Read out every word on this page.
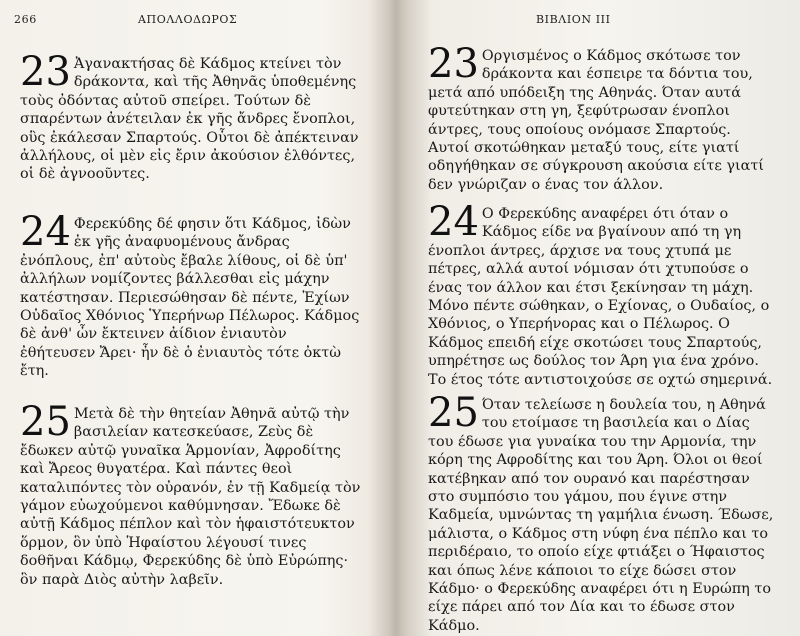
266	ΑΠΟΛΛΟΔΩΡΟΣ	ΒΙΒΛΙΟΝ ΙΙΙ
23 Ἀγανακτήσας δὲ Κάδμος κτείνει τὸν δράκοντα, καὶ τῆς Ἀθηνᾶς ὑποθεμένης τοὺς ὀδόντας αὐτοῦ σπείρει. Τούτων δὲ σπαρέντων ἀνέτειλαν ἐκ γῆς ἄνδρες ἔνοπλοι, οὓς ἐκάλεσαν Σπαρτούς. Οὗτοι δὲ ἀπέκτειναν ἀλλήλους, οἱ μὲν εἰς ἔριν ἀκούσιον ἐλθόντες, οἱ δὲ ἀγνοοῦντες.
24 Φερεκύδης δέ φησιν ὅτι Κάδμος, ἰδὼν ἐκ γῆς ἀναφυομένους ἄνδρας ἐνόπλους, ἐπ' αὐτοὺς ἔβαλε λίθους, οἱ δὲ ὑπ' ἀλλήλων νομίζοντες βάλλεσθαι εἰς μάχην κατέστησαν. Περιεσώθησαν δὲ πέντε, Ἐχίων Οὐδαῖος Χθόνιος Ὑπερήνωρ Πέλωρος. Κάδμος δὲ ἀνθ' ὧν ἔκτεινεν ἀίδιον ἐνιαυτὸν ἐθήτευσεν Ἄρει· ἦν δὲ ὁ ἐνιαυτὸς τότε ὀκτὼ ἔτη.
25 Μετὰ δὲ τὴν θητείαν Ἀθηνᾶ αὐτῷ τὴν βασιλείαν κατεσκεύασε, Ζεὺς δὲ ἔδωκεν αὐτῷ γυναῖκα Ἁρμονίαν, Ἀφροδίτης καὶ Ἄρεος θυγατέρα. Καὶ πάντες θεοὶ καταλιπόντες τὸν οὐρανόν, ἐν τῇ Καδμείᾳ τὸν γάμον εὐωχούμενοι καθύμνησαν. Ἔδωκε δὲ αὐτῇ Κάδμος πέπλον καὶ τὸν ἡφαιστότευκτον ὅρμον, ὃν ὑπὸ Ἡφαίστου λέγουσί τινες δοθῆναι Κάδμῳ, Φερεκύδης δὲ ὑπὸ Εὐρώπης· ὃν παρὰ Διὸς αὐτὴν λαβεῖν.
23 Οργισμένος ο Κάδμος σκότωσε τον δράκοντα και έσπειρε τα δόντια του, μετά από υπόδειξη της Αθηνάς. Όταν αυτά φυτεύτηκαν στη γη, ξεφύτρωσαν ένοπλοι άντρες, τους οποίους ονόμασε Σπαρτούς. Αυτοί σκοτώθηκαν μεταξύ τους, είτε γιατί οδηγήθηκαν σε σύγκρουση ακούσια είτε γιατί δεν γνώριζαν ο ένας τον άλλον.
24 Ο Φερεκύδης αναφέρει ότι όταν ο Κάδμος είδε να βγαίνουν από τη γη ένοπλοι άντρες, άρχισε να τους χτυπά με πέτρες, αλλά αυτοί νόμισαν ότι χτυπούσε ο ένας τον άλλον και έτσι ξεκίνησαν τη μάχη. Μόνο πέντε σώθηκαν, ο Εχίονας, ο Ουδαίος, ο Χθόνιος, ο Υπερήνορας και ο Πέλωρος. Ο Κάδμος επειδή είχε σκοτώσει τους Σπαρτούς, υπηρέτησε ως δούλος τον Άρη για ένα χρόνο. Το έτος τότε αντιστοιχούσε σε οχτώ σημερινά.
25 Όταν τελείωσε η δουλεία του, η Αθηνά του ετοίμασε τη βασιλεία και ο Δίας του έδωσε για γυναίκα του την Αρμονία, την κόρη της Αφροδίτης και του Άρη. Όλοι οι θεοί κατέβηκαν από τον ουρανό και παρέστησαν στο συμπόσιο του γάμου, που έγινε στην Καδμεία, υμνώντας τη γαμήλια ένωση. Έδωσε, μάλιστα, ο Κάδμος στη νύφη ένα πέπλο και το περιδέραιο, το οποίο είχε φτιάξει ο Ήφαιστος και όπως λένε κάποιοι το είχε δώσει στον Κάδμο· ο Φερεκύδης αναφέρει ότι η Ευρώπη το είχε πάρει από τον Δία και το έδωσε στον Κάδμο.
